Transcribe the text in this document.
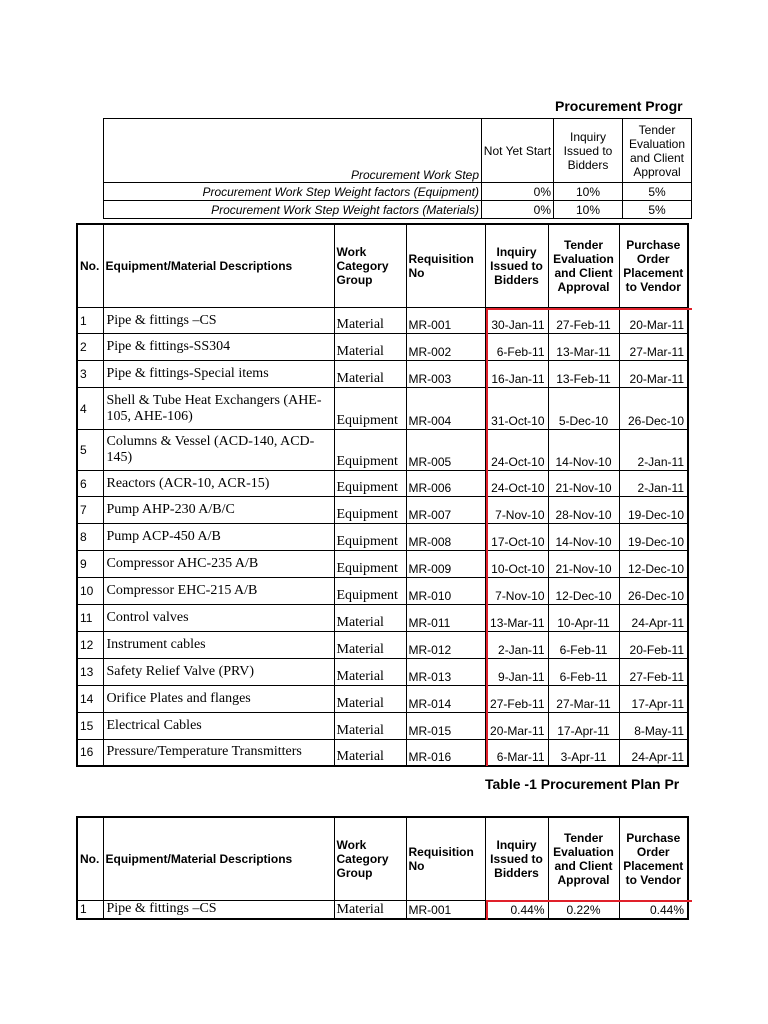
Procurement Progr
Procurement Work Step	Not Yet Start	Inquiry Issued to Bidders	Tender Evaluation and Client Approval
Procurement Work Step Weight factors (Equipment)	0%	10%	5%
Procurement Work Step Weight factors (Materials)	0%	10%	5%
No.	Equipment/Material Descriptions	Work Category Group	Requisition No	Inquiry Issued to Bidders	Tender Evaluation and Client Approval	Purchase Order Placement to Vendor
1	Pipe & fittings –CS	Material	MR-001	30-Jan-11	27-Feb-11	20-Mar-11
2	Pipe & fittings-SS304	Material	MR-002	6-Feb-11	13-Mar-11	27-Mar-11
3	Pipe & fittings-Special items	Material	MR-003	16-Jan-11	13-Feb-11	20-Mar-11
4	Shell & Tube Heat Exchangers (AHE-105, AHE-106)	Equipment	MR-004	31-Oct-10	5-Dec-10	26-Dec-10
5	Columns & Vessel (ACD-140, ACD-145)	Equipment	MR-005	24-Oct-10	14-Nov-10	2-Jan-11
6	Reactors (ACR-10, ACR-15)	Equipment	MR-006	24-Oct-10	21-Nov-10	2-Jan-11
7	Pump AHP-230 A/B/C	Equipment	MR-007	7-Nov-10	28-Nov-10	19-Dec-10
8	Pump ACP-450 A/B	Equipment	MR-008	17-Oct-10	14-Nov-10	19-Dec-10
9	Compressor AHC-235 A/B	Equipment	MR-009	10-Oct-10	21-Nov-10	12-Dec-10
10	Compressor EHC-215 A/B	Equipment	MR-010	7-Nov-10	12-Dec-10	26-Dec-10
11	Control valves	Material	MR-011	13-Mar-11	10-Apr-11	24-Apr-11
12	Instrument cables	Material	MR-012	2-Jan-11	6-Feb-11	20-Feb-11
13	Safety Relief Valve (PRV)	Material	MR-013	9-Jan-11	6-Feb-11	27-Feb-11
14	Orifice Plates and flanges	Material	MR-014	27-Feb-11	27-Mar-11	17-Apr-11
15	Electrical Cables	Material	MR-015	20-Mar-11	17-Apr-11	8-May-11
16	Pressure/Temperature Transmitters	Material	MR-016	6-Mar-11	3-Apr-11	24-Apr-11
Table -1 Procurement Plan Pr
No.	Equipment/Material Descriptions	Work Category Group	Requisition No	Inquiry Issued to Bidders	Tender Evaluation and Client Approval	Purchase Order Placement to Vendor
1	Pipe & fittings –CS	Material	MR-001	0.44%	0.22%	0.44%
